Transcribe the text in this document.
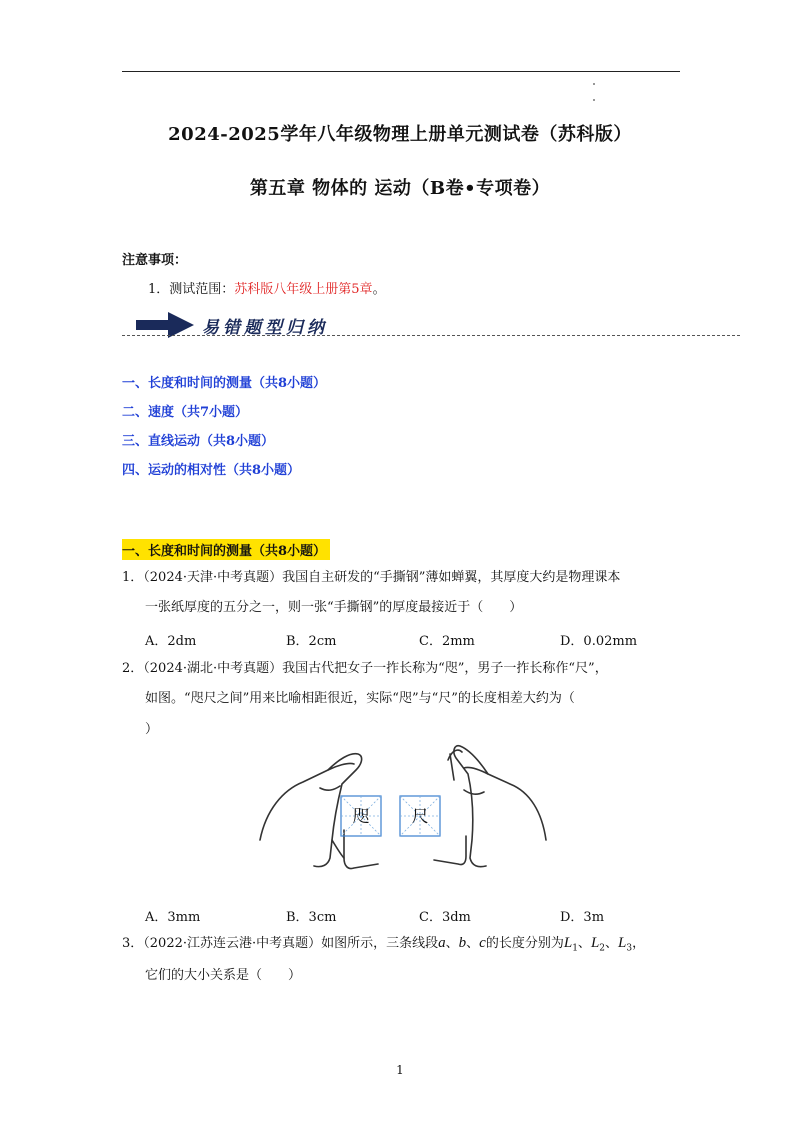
2024-2025学年八年级物理上册单元测试卷（苏科版）
第五章 物体的 运动（B卷•专项卷）
注意事项：
1．测试范围：苏科版八年级上册第5章。
易错题型归纳
一、长度和时间的测量（共8小题）
二、速度（共7小题）
三、直线运动（共8小题）
四、运动的相对性（共8小题）
一、长度和时间的测量（共8小题）
1．（2024·天津·中考真题）我国自主研发的“手撕钢”薄如蝉翼，其厚度大约是物理课本
一张纸厚度的五分之一，则一张“手撕钢”的厚度最接近于（　　）
A．2dm	B．2cm	C．2mm	D．0.02mm
2．（2024·湖北·中考真题）我国古代把女子一拃长称为“咫”，男子一拃长称作“尺”，
如图。“咫尺之间”用来比喻相距很近，实际“咫”与“尺”的长度相差大约为（
）
咫 尺
A．3mm	B．3cm	C．3dm	D．3m
3．（2022·江苏连云港·中考真题）如图所示，三条线段a、b、c的长度分别为$L_1$、$L_2$、$L_3$，
它们的大小关系是（　　）
1
